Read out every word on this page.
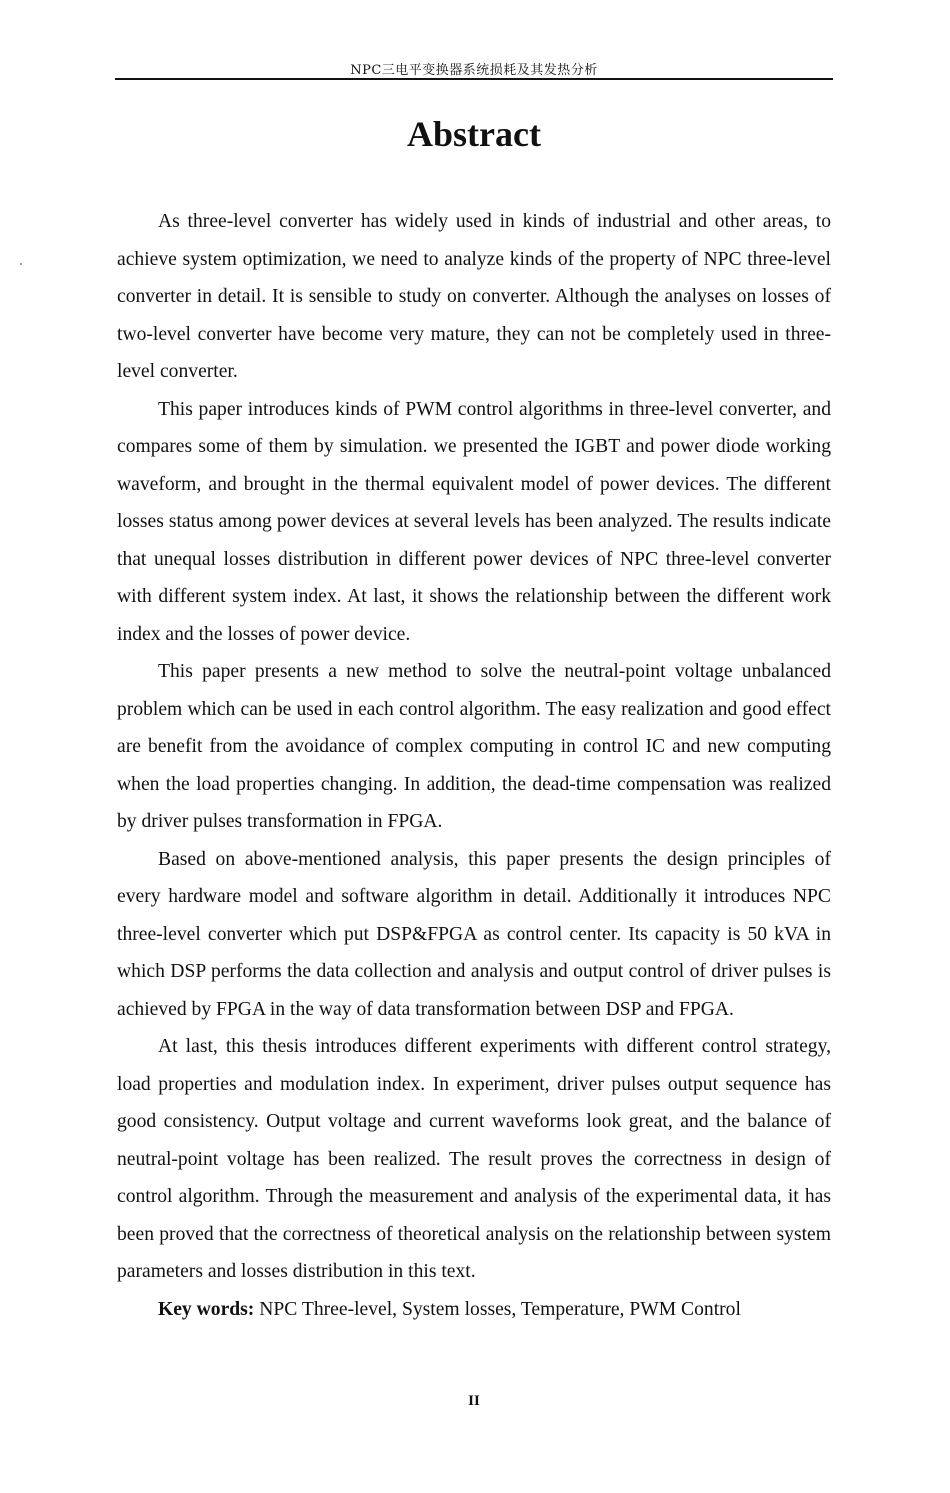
NPC三电平变换器系统损耗及其发热分析
Abstract

As three-level converter has widely used in kinds of industrial and other areas, to achieve system optimization, we need to analyze kinds of the property of NPC three-level converter in detail. It is sensible to study on converter. Although the analyses on losses of two-level converter have become very mature, they can not be completely used in three-level converter.

This paper introduces kinds of PWM control algorithms in three-level converter, and compares some of them by simulation. we presented the IGBT and power diode working waveform, and brought in the thermal equivalent model of power devices. The different losses status among power devices at several levels has been analyzed. The results indicate that unequal losses distribution in different power devices of NPC three-level converter with different system index. At last, it shows the relationship between the different work index and the losses of power device.

This paper presents a new method to solve the neutral-point voltage unbalanced problem which can be used in each control algorithm. The easy realization and good effect are benefit from the avoidance of complex computing in control IC and new computing when the load properties changing. In addition, the dead-time compensation was realized by driver pulses transformation in FPGA.

Based on above-mentioned analysis, this paper presents the design principles of every hardware model and software algorithm in detail. Additionally it introduces NPC three-level converter which put DSP&FPGA as control center. Its capacity is 50 kVA in which DSP performs the data collection and analysis and output control of driver pulses is achieved by FPGA in the way of data transformation between DSP and FPGA.

At last, this thesis introduces different experiments with different control strategy, load properties and modulation index. In experiment, driver pulses output sequence has good consistency. Output voltage and current waveforms look great, and the balance of neutral-point voltage has been realized. The result proves the correctness in design of control algorithm. Through the measurement and analysis of the experimental data, it has been proved that the correctness of theoretical analysis on the relationship between system parameters and losses distribution in this text.

Key words: NPC Three-level, System losses, Temperature, PWM Control

II
